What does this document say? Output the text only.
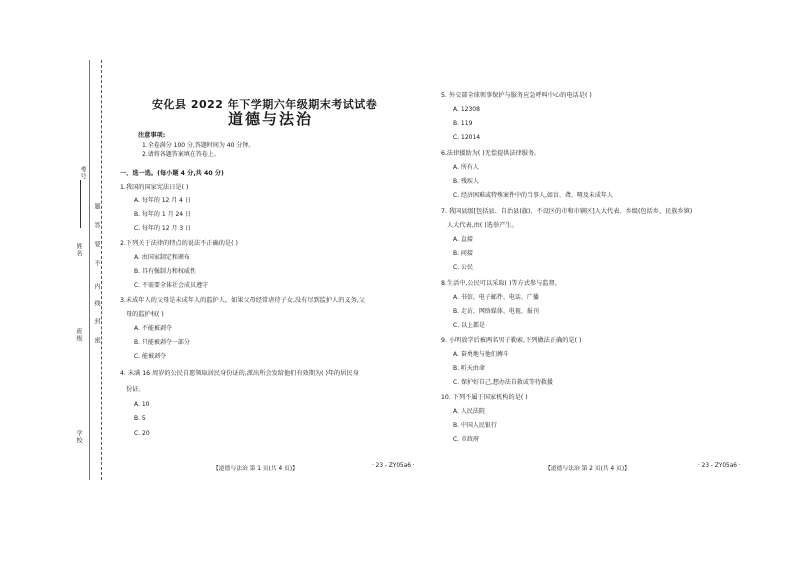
考号
姓名
班级
学校
题
答
要
不
内
线
封
密
安化县 2022 年下学期六年级期末考试试卷
道德与法治
注意事项:
1.全卷满分 100 分,答题时间为 40 分钟。
2.请将各题答案填在答卷上。
一、选一选。(每小题 4 分,共 40 分)
1.我国的国家宪法日是( )
A. 每年的 12 月 4 日
B. 每年的 1 月 24 日
C. 每年的 12 月 3 日
2.下列关于法律的特点的说法不正确的是( )
A. 由国家制定和颁布
B. 具有强制力和权威性
C. 不需要全体社会成员遵守
3.未成年人的父母是未成年人的监护人。如果父母经常虐待子女,没有尽到监护人的义务,父
母的监护权( )
A. 不能被剥夺
B. 只能被剥夺一部分
C. 能被剥夺
4. 未满 16 周岁的公民自愿领取居民身份证的,派出所会发给他们有效期为( )年的居民身
份证。
A. 10
B. 5
C. 20
5. 外交部全球领事保护与服务应急呼叫中心的电话是( )
A. 12308
B. 119
C. 12014
6.法律援助为( )无偿提供法律服务。
A. 所有人
B. 残疾人
C. 经济困难或特殊案件中的当事人,如盲、聋、哑及未成年人
7. 我国县级[包括县、自治县(旗)、不设区的市和市辖区]人大代表、乡级(包括乡、民族乡镇)
人大代表,由( )选举产生。
A. 直接
B. 间接
C. 公民
8.生活中,公民可以采取( )等方式参与监督。
A. 书信、电子邮件、电话、广播
B. 走访、网络媒体、电视、报刊
C. 以上都是
9. 小明放学后被两名男子勒索,下列做法正确的是( )
A. 奋勇地与他们搏斗
B. 听天由命
C. 保护好自己,想办法自救或等待救援
10. 下列不属于国家机构的是( )
A. 人民法院
B. 中国人民银行
C. 市政府
【道德与法治 第 1 页(共 4 页)】	· 23 - ZY05a6 ·	【道德与法治 第 2 页(共 4 页)】	· 23 - ZY05a6 ·
